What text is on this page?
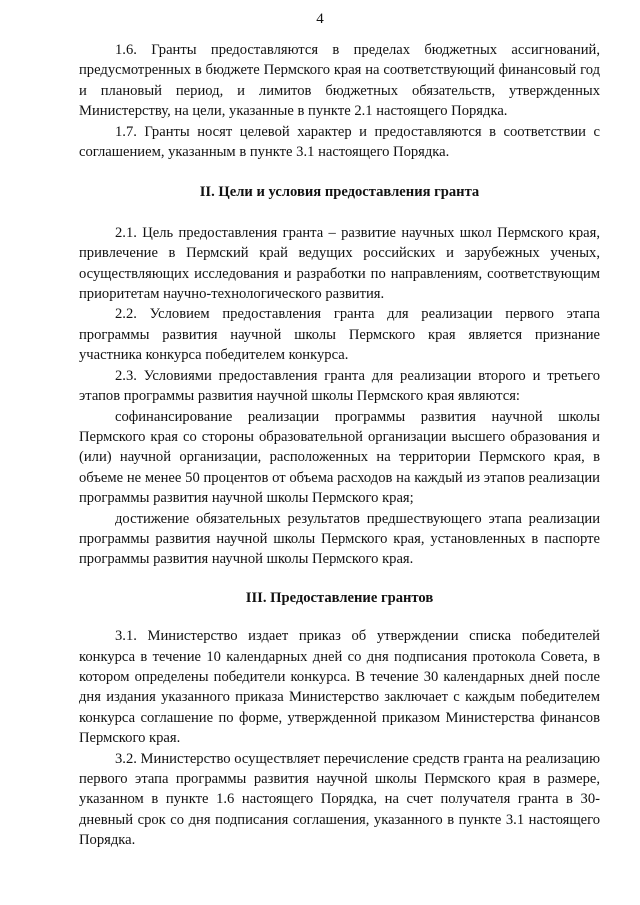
4

1.6. Гранты предоставляются в пределах бюджетных ассигнований, предусмотренных в бюджете Пермского края на соответствующий финансовый год и плановый период, и лимитов бюджетных обязательств, утвержденных Министерству, на цели, указанные в пункте 2.1 настоящего Порядка.

1.7. Гранты носят целевой характер и предоставляются в соответствии с соглашением, указанным в пункте 3.1 настоящего Порядка.

II. Цели и условия предоставления гранта

2.1. Цель предоставления гранта – развитие научных школ Пермского края, привлечение в Пермский край ведущих российских и зарубежных ученых, осуществляющих исследования и разработки по направлениям, соответствующим приоритетам научно-технологического развития.

2.2. Условием предоставления гранта для реализации первого этапа программы развития научной школы Пермского края является признание участника конкурса победителем конкурса.

2.3. Условиями предоставления гранта для реализации второго и третьего этапов программы развития научной школы Пермского края являются:

софинансирование реализации программы развития научной школы Пермского края со стороны образовательной организации высшего образования и (или) научной организации, расположенных на территории Пермского края, в объеме не менее 50 процентов от объема расходов на каждый из этапов реализации программы развития научной школы Пермского края;

достижение обязательных результатов предшествующего этапа реализации программы развития научной школы Пермского края, установленных в паспорте программы развития научной школы Пермского края.

III. Предоставление грантов

3.1. Министерство издает приказ об утверждении списка победителей конкурса в течение 10 календарных дней со дня подписания протокола Совета, в котором определены победители конкурса. В течение 30 календарных дней после дня издания указанного приказа Министерство заключает с каждым победителем конкурса соглашение по форме, утвержденной приказом Министерства финансов Пермского края.

3.2. Министерство осуществляет перечисление средств гранта на реализацию первого этапа программы развития научной школы Пермского края в размере, указанном в пункте 1.6 настоящего Порядка, на счет получателя гранта в 30-дневный срок со дня подписания соглашения, указанного в пункте 3.1 настоящего Порядка.
